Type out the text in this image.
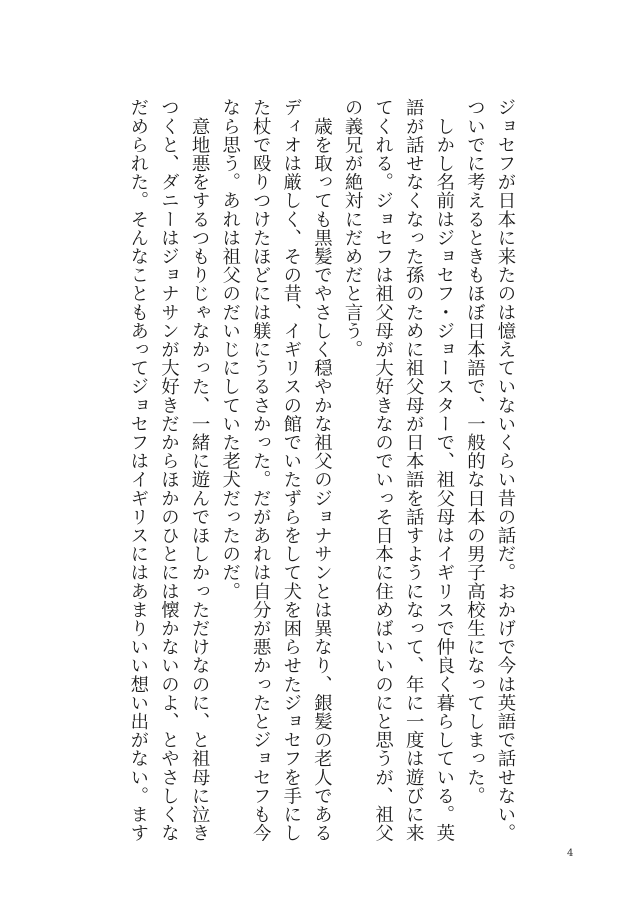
ジョセフが日本に来たのは憶えていないくらい昔の話だ。おかげで今は英語で話せない。
ついでに考えるときもほぼ日本語で、一般的な日本の男子高校生になってしまった。
　しかし名前はジョセフ・ジョースターで、祖父母はイギリスで仲良く暮らしている。英
語が話せなくなった孫のために祖父母が日本語を話すようになって、年に一度は遊びに来
てくれる。ジョセフは祖父母が大好きなのでいっそ日本に住めばいいのにと思うが、祖父
の義兄が絶対にだめだと言う。
　歳を取っても黒髪でやさしく穏やかな祖父のジョナサンとは異なり、銀髪の老人である
ディオは厳しく、その昔、イギリスの館でいたずらをして犬を困らせたジョセフを手にし
た杖で殴りつけたほどには躾にうるさかった。だがあれは自分が悪かったとジョセフも今
なら思う。あれは祖父のだいじにしていた老犬だったのだ。
　意地悪をするつもりじゃなかった、一緒に遊んでほしかっただけなのに、と祖母に泣き
つくと、ダニーはジョナサンが大好きだからほかのひとには懐かないのよ、とやさしくな
だめられた。そんなこともあってジョセフはイギリスにはあまりいい想い出がない。ます
4
